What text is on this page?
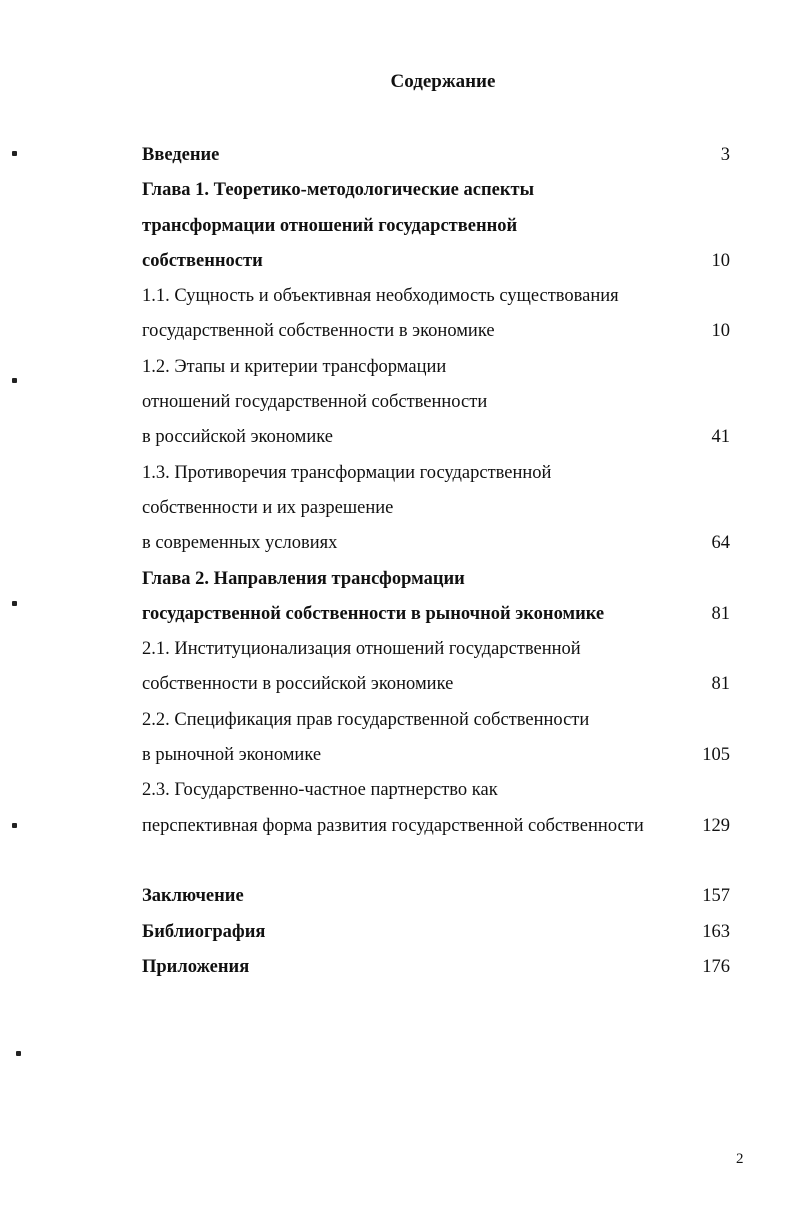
Содержание
Введение	3
Глава 1. Теоретико-методологические аспекты
трансформации отношений государственной
собственности	10
1.1. Сущность и объективная необходимость существования
государственной собственности в экономике	10
1.2. Этапы и критерии трансформации
отношений государственной собственности
в российской экономике	41
1.3. Противоречия трансформации государственной
собственности и их разрешение
в современных условиях	64
Глава 2. Направления трансформации
государственной собственности в рыночной экономике	81
2.1. Институционализация отношений государственной
собственности в российской экономике	81
2.2. Спецификация прав государственной собственности
в рыночной экономике	105
2.3. Государственно-частное партнерство как
перспективная форма развития государственной собственности	129
Заключение	157
Библиография	163
Приложения	176
2
